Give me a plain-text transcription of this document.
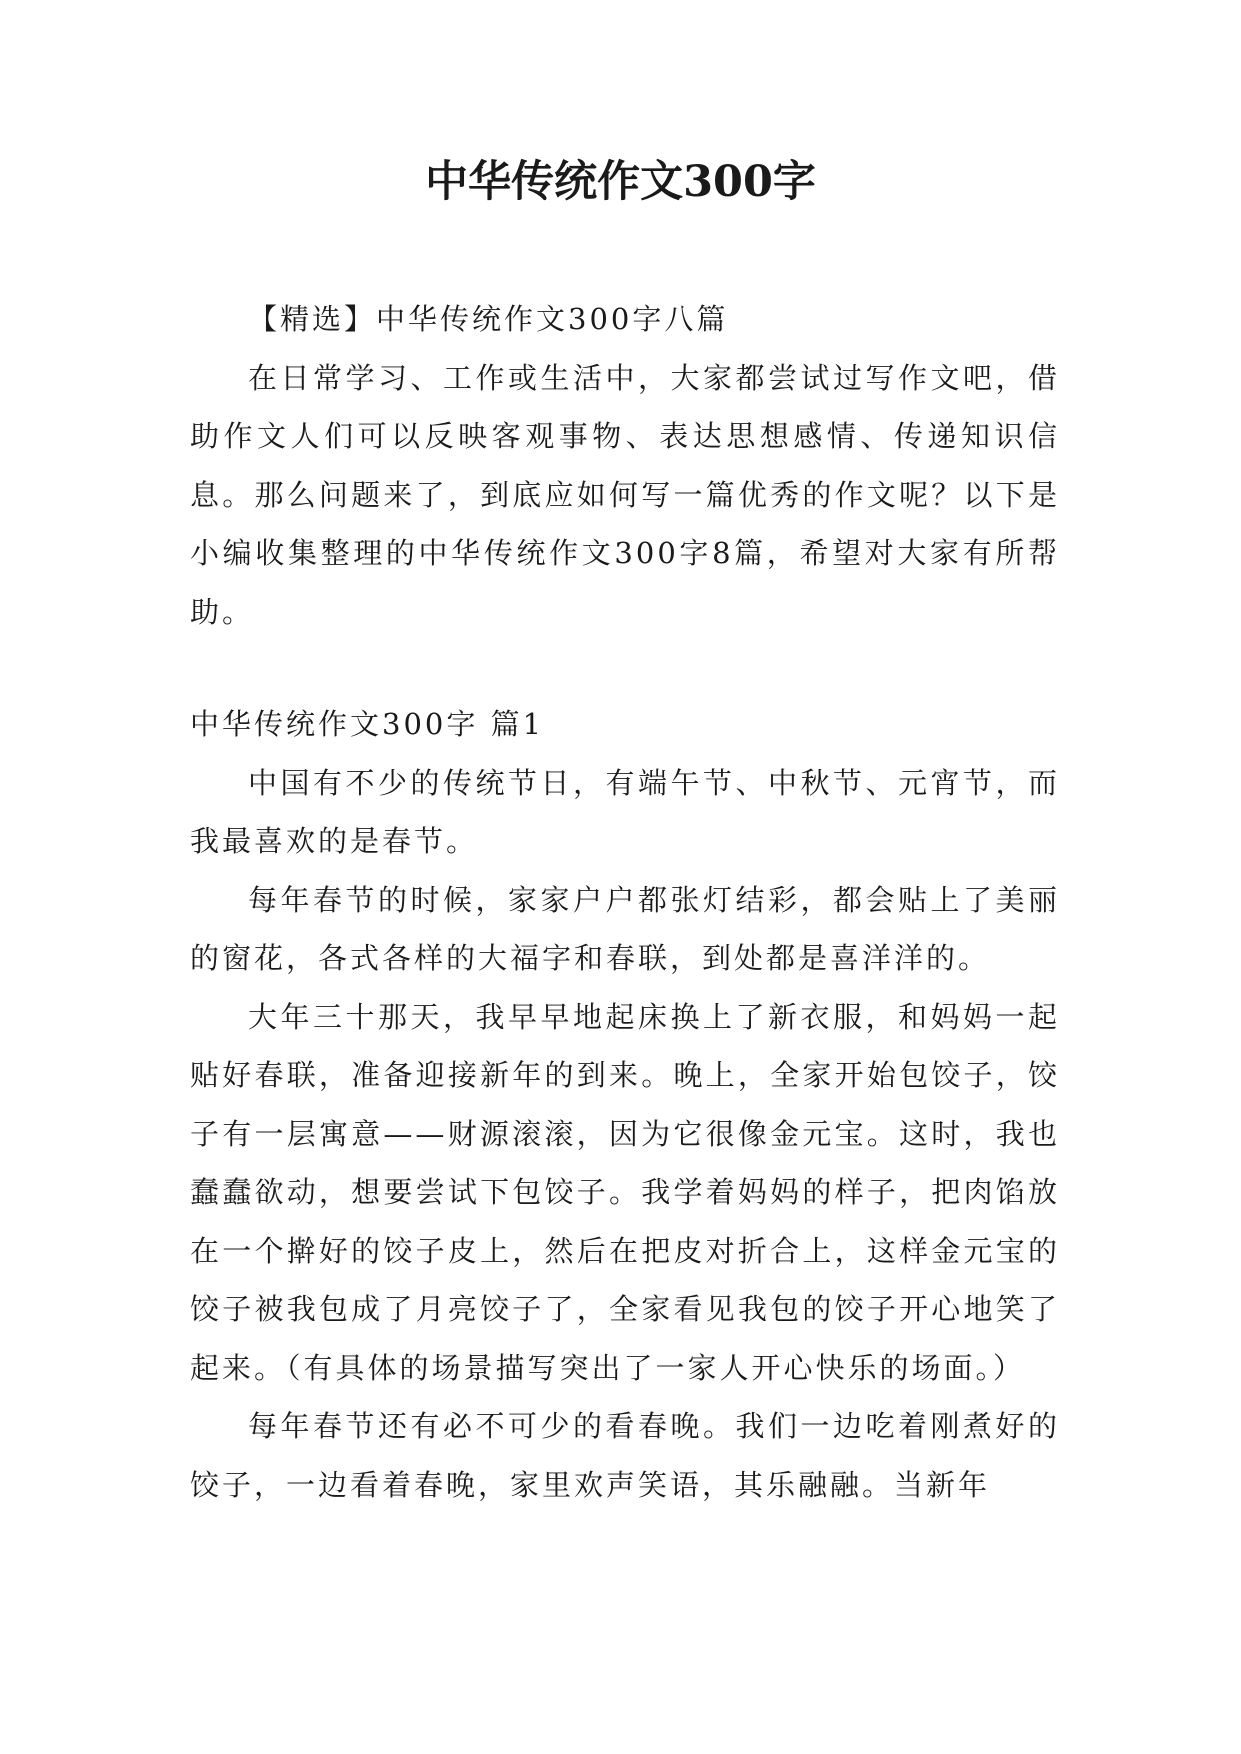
中华传统作文300字

【精选】中华传统作文300字八篇

在日常学习、工作或生活中，大家都尝试过写作文吧，借助作文人们可以反映客观事物、表达思想感情、传递知识信息。那么问题来了，到底应如何写一篇优秀的作文呢？以下是小编收集整理的中华传统作文300字8篇，希望对大家有所帮助。

中华传统作文300字 篇1

中国有不少的传统节日，有端午节、中秋节、元宵节，而我最喜欢的是春节。

每年春节的时候，家家户户都张灯结彩，都会贴上了美丽的窗花，各式各样的大福字和春联，到处都是喜洋洋的。

大年三十那天，我早早地起床换上了新衣服，和妈妈一起贴好春联，准备迎接新年的到来。晚上，全家开始包饺子，饺子有一层寓意——财源滚滚，因为它很像金元宝。这时，我也蠢蠢欲动，想要尝试下包饺子。我学着妈妈的样子，把肉馅放在一个擀好的饺子皮上，然后在把皮对折合上，这样金元宝的饺子被我包成了月亮饺子了，全家看见我包的饺子开心地笑了起来。（有具体的场景描写突出了一家人开心快乐的场面。）

每年春节还有必不可少的看春晚。我们一边吃着刚煮好的饺子，一边看着春晚，家里欢声笑语，其乐融融。当新年
